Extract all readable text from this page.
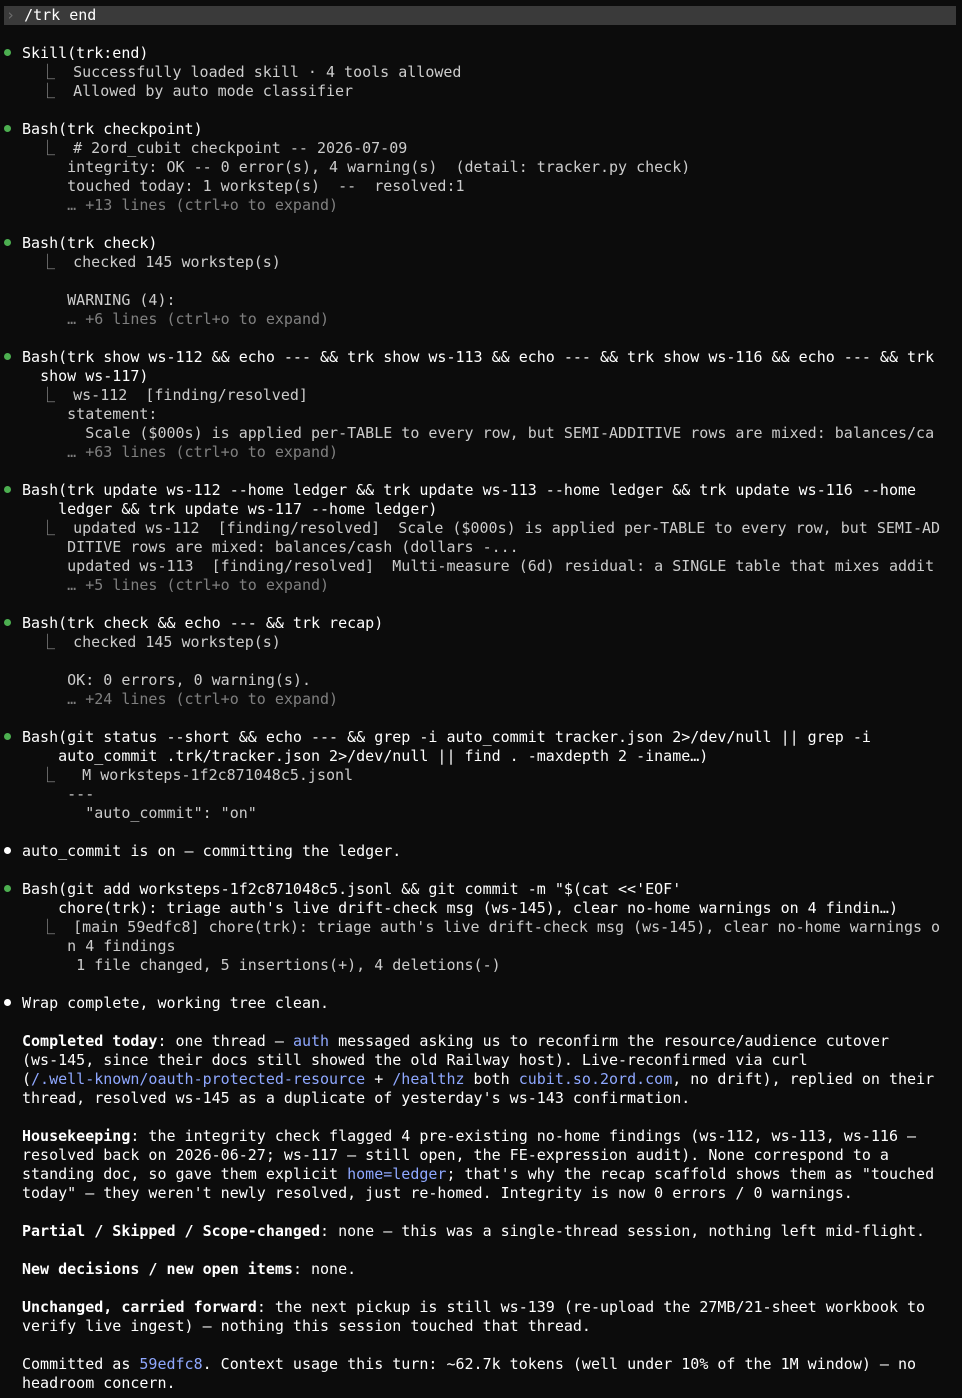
› /trk end
Skill(trk:end)
⎿  Successfully loaded skill · 4 tools allowed
⎿  Allowed by auto mode classifier
Bash(trk checkpoint)
⎿  # 2ord_cubit checkpoint -- 2026-07-09
integrity: OK -- 0 error(s), 4 warning(s)  (detail: tracker.py check)
touched today: 1 workstep(s)  --  resolved:1
… +13 lines (ctrl+o to expand)
Bash(trk check)
⎿  checked 145 workstep(s)
WARNING (4):
… +6 lines (ctrl+o to expand)
Bash(trk show ws-112 && echo --- && trk show ws-113 && echo --- && trk show ws-116 && echo --- && trk
show ws-117)
⎿  ws-112  [finding/resolved]
statement:
Scale ($000s) is applied per-TABLE to every row, but SEMI-ADDITIVE rows are mixed: balances/ca
… +63 lines (ctrl+o to expand)
Bash(trk update ws-112 --home ledger && trk update ws-113 --home ledger && trk update ws-116 --home
ledger && trk update ws-117 --home ledger)
⎿  updated ws-112  [finding/resolved]  Scale ($000s) is applied per-TABLE to every row, but SEMI-AD
DITIVE rows are mixed: balances/cash (dollars -...
updated ws-113  [finding/resolved]  Multi-measure (6d) residual: a SINGLE table that mixes addit
… +5 lines (ctrl+o to expand)
Bash(trk check && echo --- && trk recap)
⎿  checked 145 workstep(s)
OK: 0 errors, 0 warning(s).
… +24 lines (ctrl+o to expand)
Bash(git status --short && echo --- && grep -i auto_commit tracker.json 2>/dev/null || grep -i
auto_commit .trk/tracker.json 2>/dev/null || find . -maxdepth 2 -iname…)
⎿   M worksteps-1f2c871048c5.jsonl
---
"auto_commit": "on"
auto_commit is on — committing the ledger.
Bash(git add worksteps-1f2c871048c5.jsonl && git commit -m "$(cat <<'EOF'
chore(trk): triage auth's live drift-check msg (ws-145), clear no-home warnings on 4 findin…)
⎿  [main 59edfc8] chore(trk): triage auth's live drift-check msg (ws-145), clear no-home warnings o
n 4 findings
1 file changed, 5 insertions(+), 4 deletions(-)
Wrap complete, working tree clean.
Completed today: one thread — auth messaged asking us to reconfirm the resource/audience cutover
(ws-145, since their docs still showed the old Railway host). Live-reconfirmed via curl
(/.well-known/oauth-protected-resource + /healthz both cubit.so.2ord.com, no drift), replied on their
thread, resolved ws-145 as a duplicate of yesterday's ws-143 confirmation.
Housekeeping: the integrity check flagged 4 pre-existing no-home findings (ws-112, ws-113, ws-116 —
resolved back on 2026-06-27; ws-117 — still open, the FE-expression audit). None correspond to a
standing doc, so gave them explicit home=ledger; that's why the recap scaffold shows them as "touched
today" — they weren't newly resolved, just re-homed. Integrity is now 0 errors / 0 warnings.
Partial / Skipped / Scope-changed: none — this was a single-thread session, nothing left mid-flight.
New decisions / new open items: none.
Unchanged, carried forward: the next pickup is still ws-139 (re-upload the 27MB/21-sheet workbook to
verify live ingest) — nothing this session touched that thread.
Committed as 59edfc8. Context usage this turn: ~62.7k tokens (well under 10% of the 1M window) — no
headroom concern.
